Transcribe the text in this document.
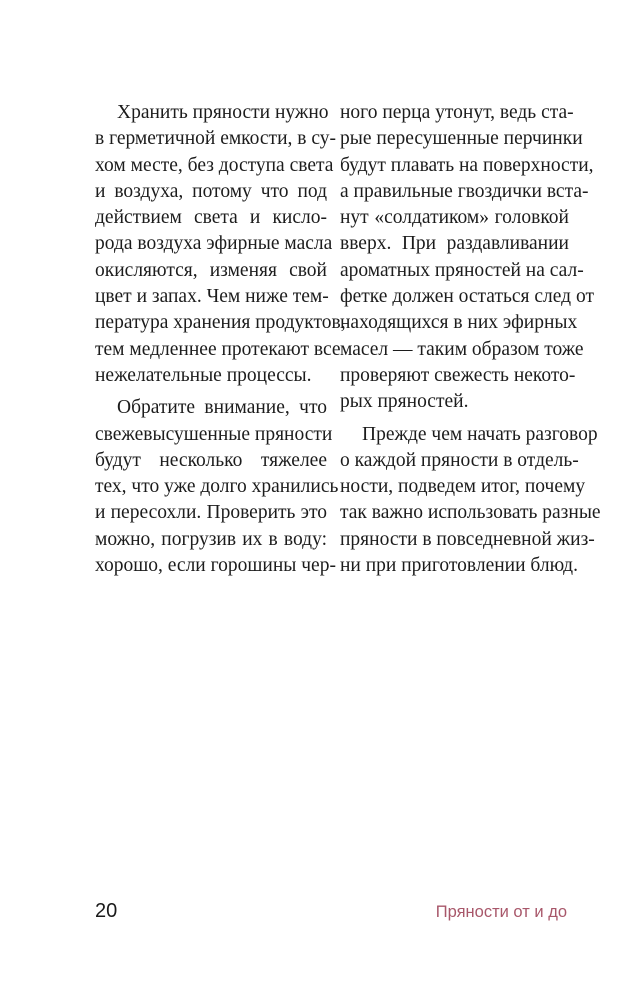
Хранить пряности нужно
в герметичной емкости, в су-
хом месте, без доступа света
и воздуха, потому что под
действием света и кисло-
рода воздуха эфирные масла
окисляются, изменяя свой
цвет и запах. Чем ниже тем-
пература хранения продуктов,
тем медленнее протекают все
нежелательные процессы.
Обратите внимание, что
свежевысушенные пряности
будут несколько тяжелее
тех, что уже долго хранились
и пересохли. Проверить это
можно, погрузив их в воду:
хорошо, если горошины чер-
ного перца утонут, ведь ста-
рые пересушенные перчинки
будут плавать на поверхности,
а правильные гвоздички вста-
нут «солдатиком» головкой
вверх. При раздавливании
ароматных пряностей на сал-
фетке должен остаться след от
находящихся в них эфирных
масел — таким образом тоже
проверяют свежесть некото-
рых пряностей.
Прежде чем начать разговор
о каждой пряности в отдель-
ности, подведем итог, почему
так важно использовать разные
пряности в повседневной жиз-
ни при приготовлении блюд.
20	Пряности от и до
